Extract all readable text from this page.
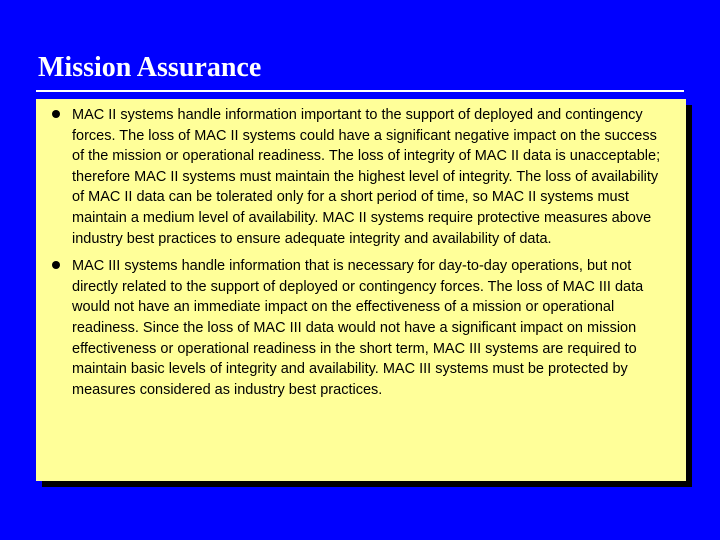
Mission Assurance
MAC II systems handle information important to the support of deployed and contingency forces. The loss of MAC II systems could have a significant negative impact on the success of the mission or operational readiness. The loss of integrity of MAC II data is unacceptable; therefore MAC II systems must maintain the highest level of integrity. The loss of availability of MAC II data can be tolerated only for a short period of time, so MAC II systems must maintain a medium level of availability. MAC II systems require protective measures above industry best practices to ensure adequate integrity and availability of data.
MAC III systems handle information that is necessary for day-to-day operations, but not directly related to the support of deployed or contingency forces. The loss of MAC III data would not have an immediate impact on the effectiveness of a mission or operational readiness. Since the loss of MAC III data would not have a significant impact on mission effectiveness or operational readiness in the short term, MAC III systems are required to maintain basic levels of integrity and availability. MAC III systems must be protected by measures considered as industry best practices.
